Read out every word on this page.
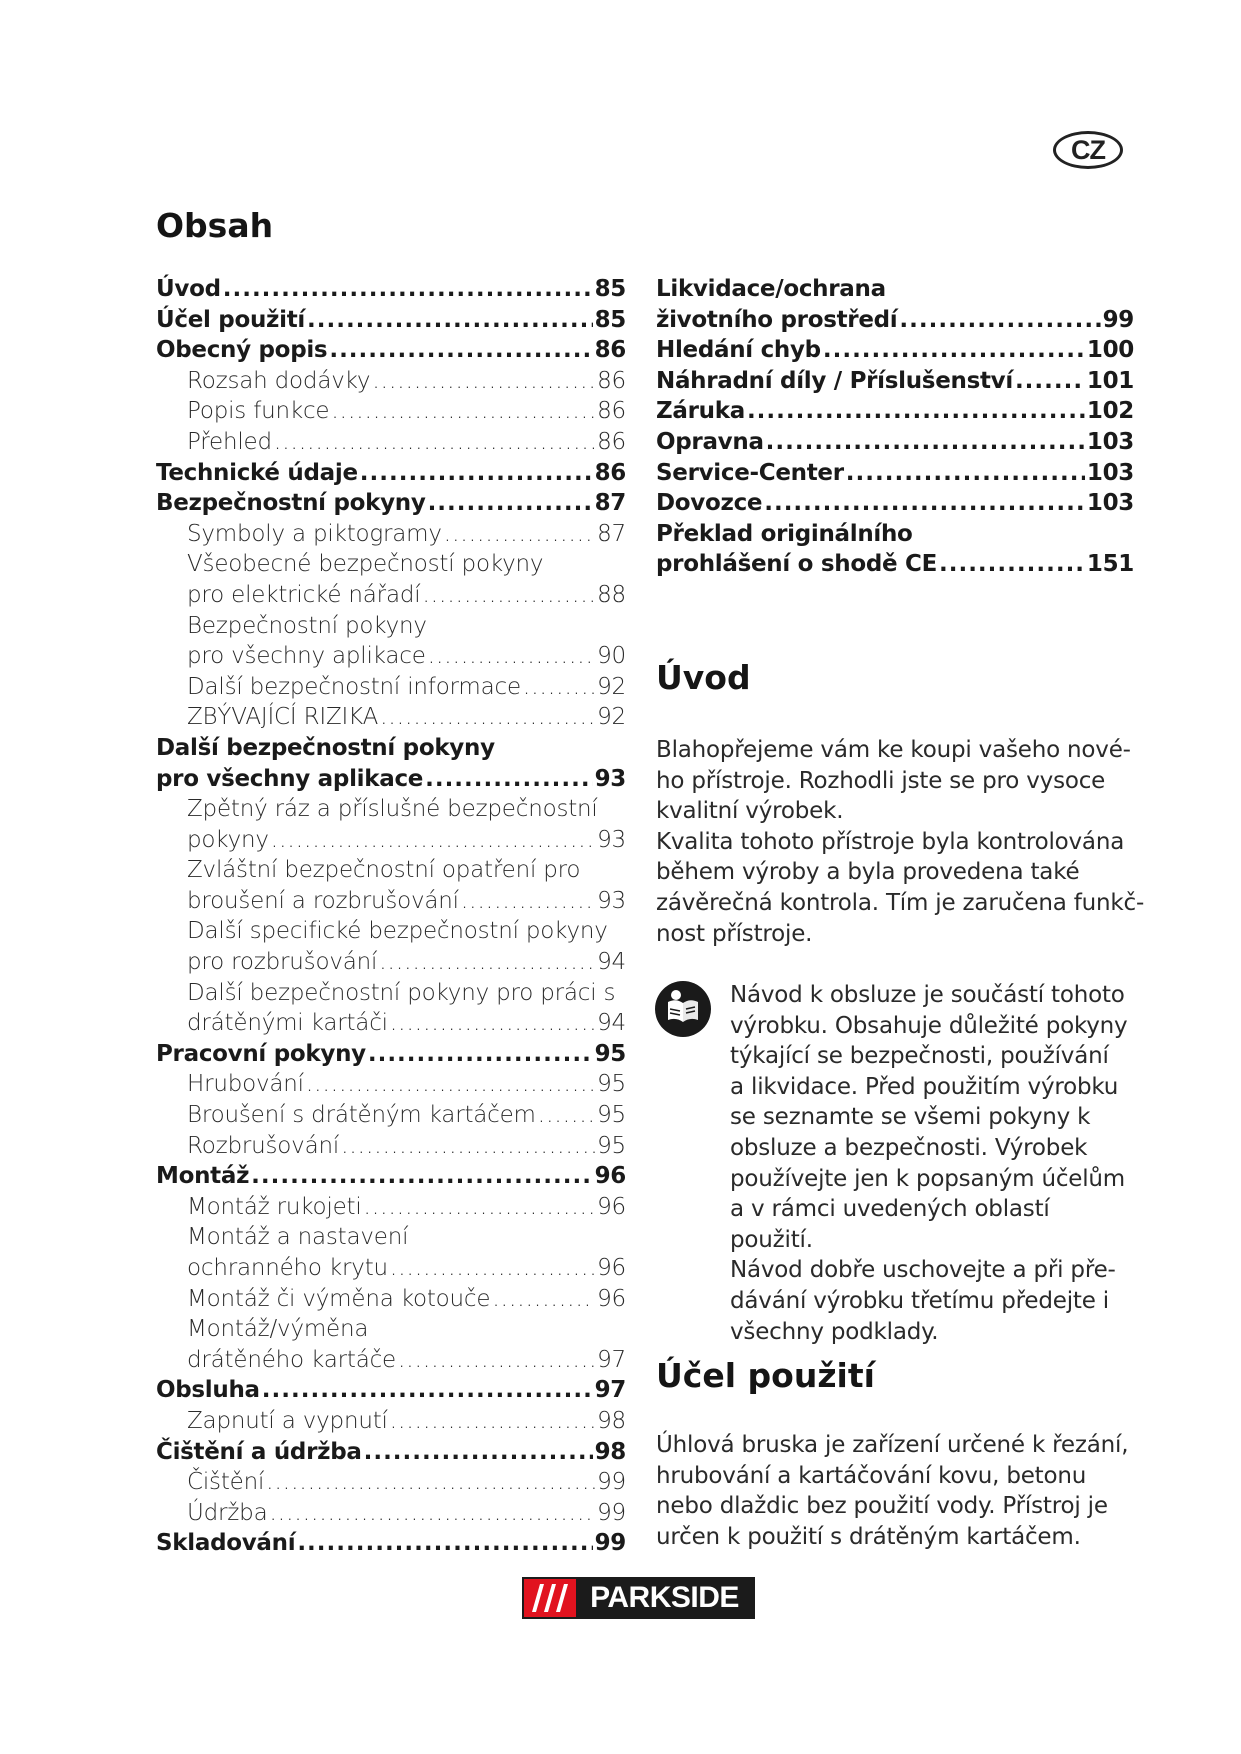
CZ
Obsah
Úvod .....	85
Účel použití .....	85
Obecný popis .....	86
Rozsah dodávky .....	86
Popis funkce .....	86
Přehled .....	86
Technické údaje .....	86
Bezpečnostní pokyny .....	87
Symboly a piktogramy .....	87
Všeobecné bezpečností pokyny
pro elektrické nářadí .....	88
Bezpečnostní pokyny
pro všechny aplikace .....	90
Další bezpečnostní informace .....	92
ZBÝVAJÍCÍ RIZIKA .....	92
Další bezpečnostní pokyny
pro všechny aplikace .....	93
Zpětný ráz a příslušné bezpečnostní
pokyny .....	93
Zvláštní bezpečnostní opatření pro
broušení a rozbrušování .....	93
Další specifické bezpečnostní pokyny
pro rozbrušování .....	94
Další bezpečnostní pokyny pro práci s
drátěnými kartáči .....	94
Pracovní pokyny .....	95
Hrubování .....	95
Broušení s drátěným kartáčem .....	95
Rozbrušování .....	95
Montáž .....	96
Montáž rukojeti .....	96
Montáž a nastavení
ochranného krytu .....	96
Montáž či výměna kotouče .....	96
Montáž/výměna
drátěného kartáče .....	97
Obsluha .....	97
Zapnutí a vypnutí .....	98
Čištění a údržba .....	98
Čištění .....	99
Údržba .....	99
Skladování .....	99
Likvidace/ochrana
životního prostředí .....	99
Hledání chyb .....	100
Náhradní díly / Příslušenství .....	101
Záruka .....	102
Opravna .....	103
Service-Center .....	103
Dovozce .....	103
Překlad originálního
prohlášení o shodě CE .....	151
Úvod
Blahopřejeme vám ke koupi vašeho nové-
ho přístroje. Rozhodli jste se pro vysoce
kvalitní výrobek.
Kvalita tohoto přístroje byla kontrolována
během výroby a byla provedena také
závěrečná kontrola. Tím je zaručena funkč-
nost přístroje.
Návod k obsluze je součástí tohoto
výrobku. Obsahuje důležité pokyny
týkající se bezpečnosti, používání
a likvidace. Před použitím výrobku
se seznamte se všemi pokyny k
obsluze a bezpečnosti. Výrobek
používejte jen k popsaným účelům
a v rámci uvedených oblastí
použití.
Návod dobře uschovejte a při pře-
dávání výrobku třetímu předejte i
všechny podklady.
Účel použití
Úhlová bruska je zařízení určené k řezání,
hrubování a kartáčování kovu, betonu
nebo dlaždic bez použití vody. Přístroj je
určen k použití s drátěným kartáčem.
PARKSIDE
